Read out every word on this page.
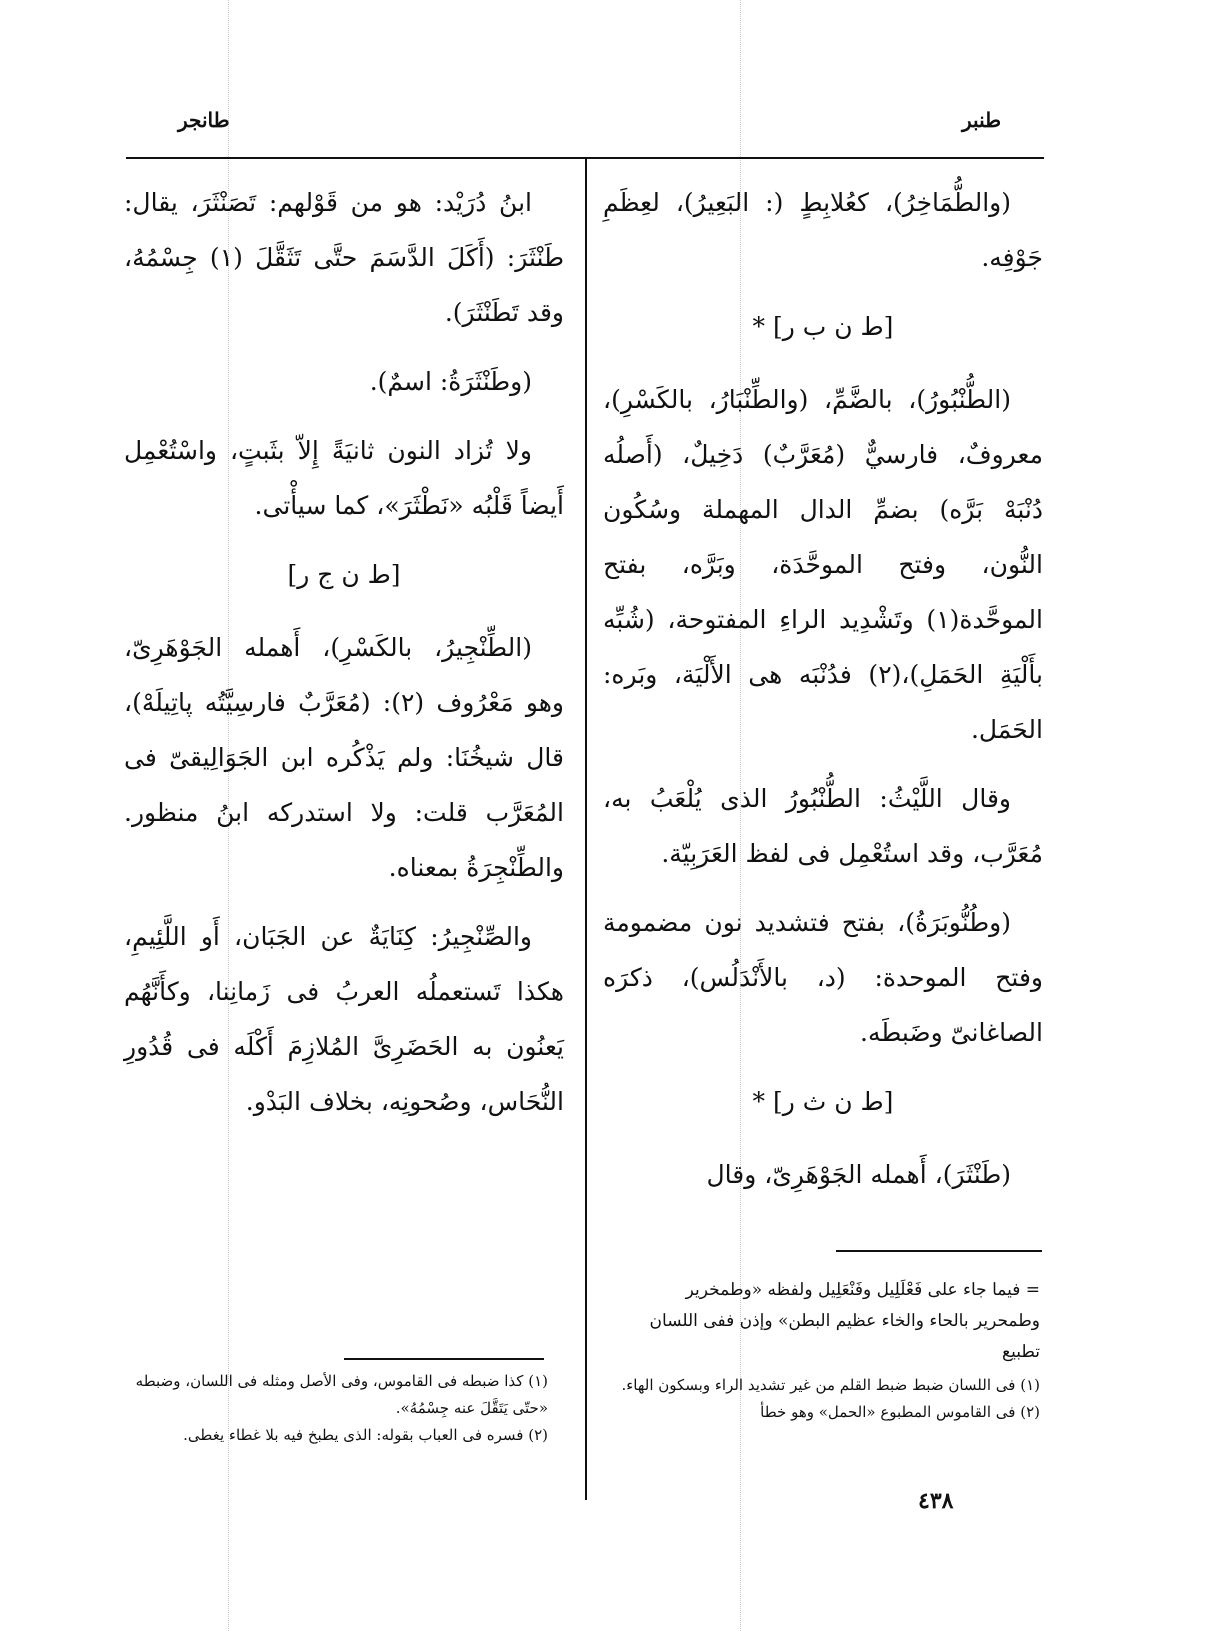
طنبر
طانجر

(والطُّمَاخِرُ)، كعُلابِطٍ (: البَعِيرُ)، لعِظَمِ جَوْفِه.

[ط ن ب ر] *

(الطُّنْبُورُ)، بالضَّمِّ، (والطِّنْبَارُ، بالكَسْرِ)، معروفٌ، فارسيٌّ (مُعَرَّبٌ) دَخِيلٌ، (أَصلُه دُنْبَهْ بَرَّه) بضمِّ الدال المهملة وسُكُون النُّون، وفتح الموحَّدَة، وبَرَّه، بفتح الموحَّدة(١) وتَشْدِيد الراءِ المفتوحة، (شُبِّه بأَلْيَةِ الحَمَلِ)،(٢) فدُنْبَه هى الأَلْيَة، وبَره: الحَمَل.

وقال اللَّيْثُ: الطُّنْبُورُ الذى يُلْعَبُ به، مُعَرَّب، وقد استُعْمِل فى لفظ العَرَبِيّة.

(وطُنُّوبَرَةُ)، بفتح فتشديد نون مضمومة وفتح الموحدة: (د، بالأَنْدَلُس)، ذكرَه الصاغانىّ وضَبطَه.

[ط ن ث ر] *

(طَنْثَرَ)، أَهمله الجَوْهَرِىّ، وقال

ابنُ دُرَيْد: هو من قَوْلهم: تَصَنْثَرَ، يقال: طَنْثَرَ: (أَكَلَ الدَّسَمَ حتَّى تَثَقَّلَ (١) جِسْمُهُ، وقد تَطَنْثَرَ).

(وطَنْثَرَةُ: اسمٌ).

ولا تُزاد النون ثانيَةً إِلاّ بثَبتٍ، واسْتُعْمِل أَيضاً قَلْبُه «نَطْثَرَ»، كما سيأْتى.

[ط ن ج ر]

(الطِّنْجِيرُ، بالكَسْرِ)، أَهمله الجَوْهَرِىّ، وهو مَعْرُوف (٢): (مُعَرَّبٌ فارسِيَّتُه پاتِيلَهْ)، قال شيخُنَا: ولم يَذْكُره ابن الجَوَالِيقىّ فى المُعَرَّب قلت: ولا استدركه ابنُ منظور. والطِّنْجِرَةُ بمعناه.

والصِّنْجِيرُ: كِنَايَةٌ عن الجَبَان، أَو اللَّئِيمِ، هكذا تَستعملُه العربُ فى زَمانِنا، وكأَنَّهُم يَعنُون به الحَضَرِىَّ المُلازِمَ أَكْلَه فى قُدُورِ النُّحَاس، وصُحونِه، بخلاف البَدْو.

= فيما جاء على فَعْلَلِيل وفَنْعَلِيل ولفظه «وطمخرير وطمحرير بالحاء والخاء عظيم البطن» وإذن ففى اللسان تطبيع

(١) فى اللسان ضبط ضبط القلم من غير تشديد الراء وبسكون الهاء.

(٢) فى القاموس المطبوع «الحمل» وهو خطأ

(١) كذا ضبطه فى القاموس، وفى الأصل ومثله فى اللسان، وضبطه «حتّى يَتَقَّلَ عنه جِسْمُهُ».

(٢) فسره فى العباب بقوله: الذى يطبخ فيه بلا غطاء يغطى.

٤٣٨
